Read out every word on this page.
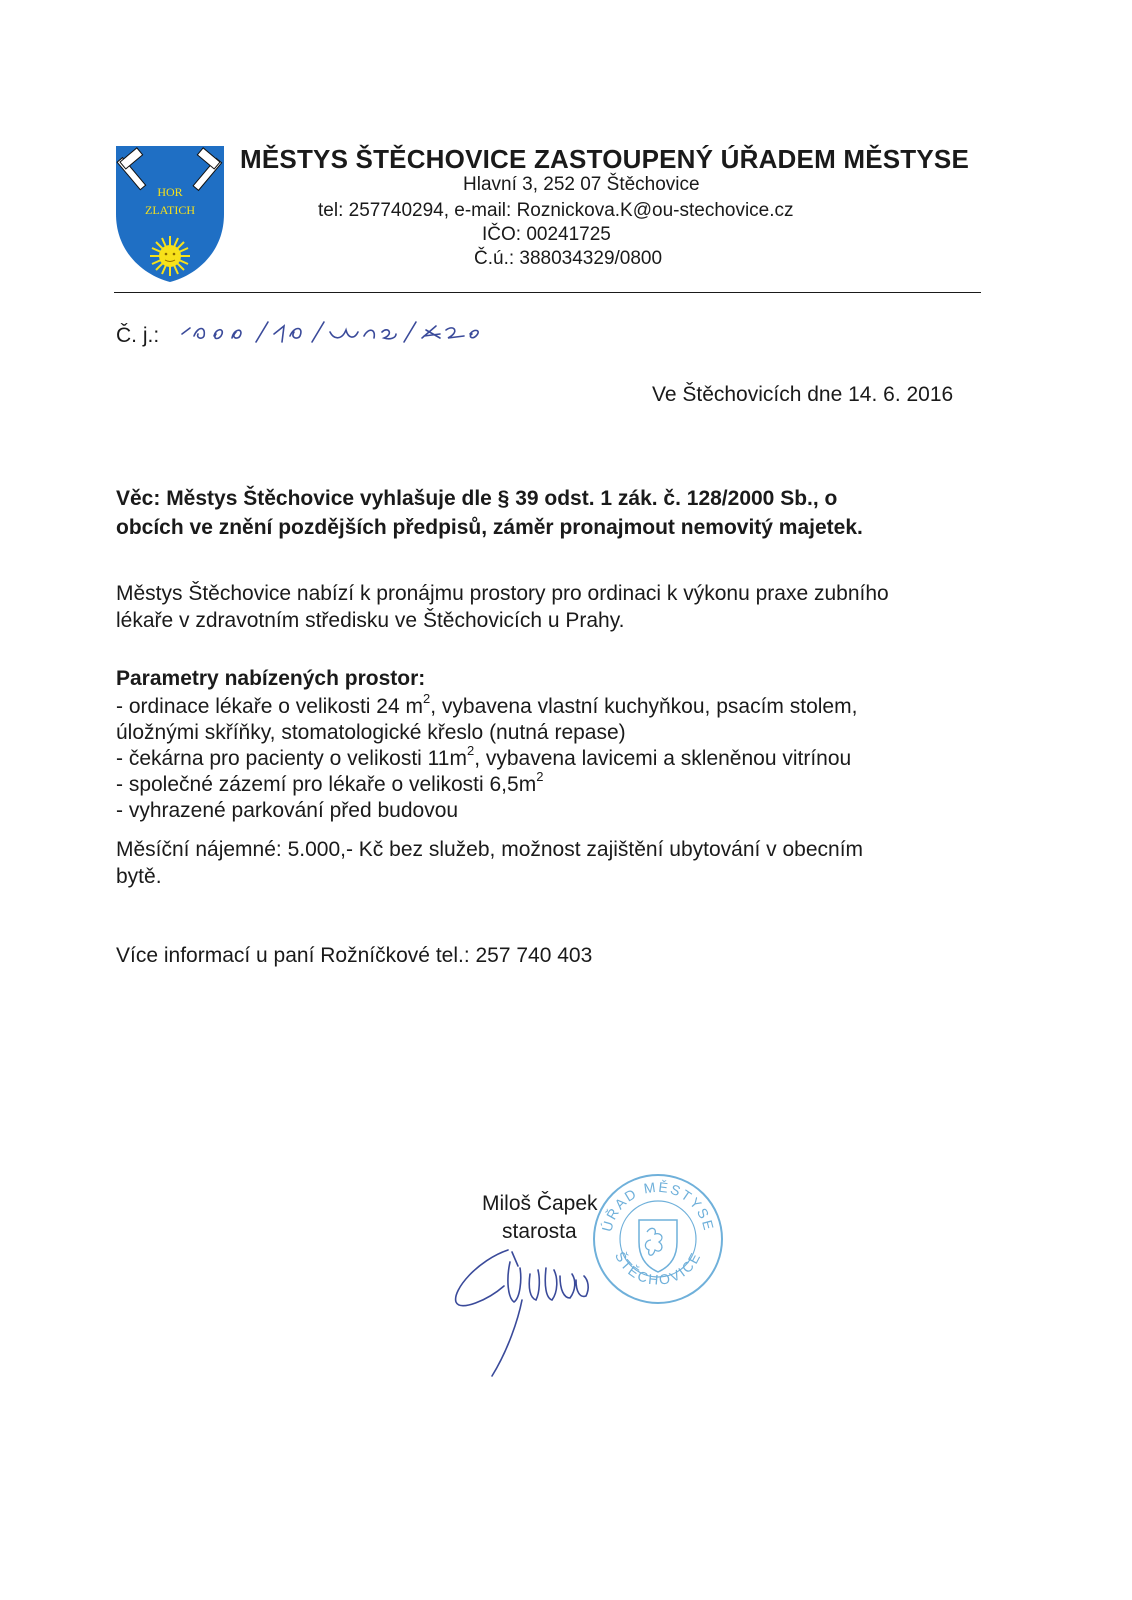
HOR
ZLATICH
MĚSTYS ŠTĚCHOVICE ZASTOUPENÝ ÚŘADEM MĚSTYSE
Hlavní 3, 252 07 Štěchovice
tel: 257740294, e-mail: Roznickova.K@ou-stechovice.cz
IČO: 00241725
Č.ú.: 388034329/0800
Č. j.:
Ve Štěchovicích dne 14. 6. 2016
Věc: Městys Štěchovice vyhlašuje dle § 39 odst. 1 zák. č. 128/2000 Sb., o
obcích ve znění pozdějších předpisů, záměr pronajmout nemovitý majetek.
Městys Štěchovice nabízí k pronájmu prostory pro ordinaci k výkonu praxe zubního
lékaře v zdravotním středisku ve Štěchovicích u Prahy.
Parametry nabízených prostor:
- ordinace lékaře o velikosti 24 $m^2$, vybavena vlastní kuchyňkou, psacím stolem,
úložnými skříňky, stomatologické křeslo (nutná repase)
- čekárna pro pacienty o velikosti $11m^2$, vybavena lavicemi a skleněnou vitrínou
- společné zázemí pro lékaře o velikosti $6,5m^2$
- vyhrazené parkování před budovou
Měsíční nájemné: 5.000,- Kč bez služeb, možnost zajištění ubytování v obecním
bytě.
Více informací u paní Rožníčkové tel.: 257 740 403
ÚŘAD MĚSTYSE
ŠTĚCHOVICE
Miloš Čapek
starosta
